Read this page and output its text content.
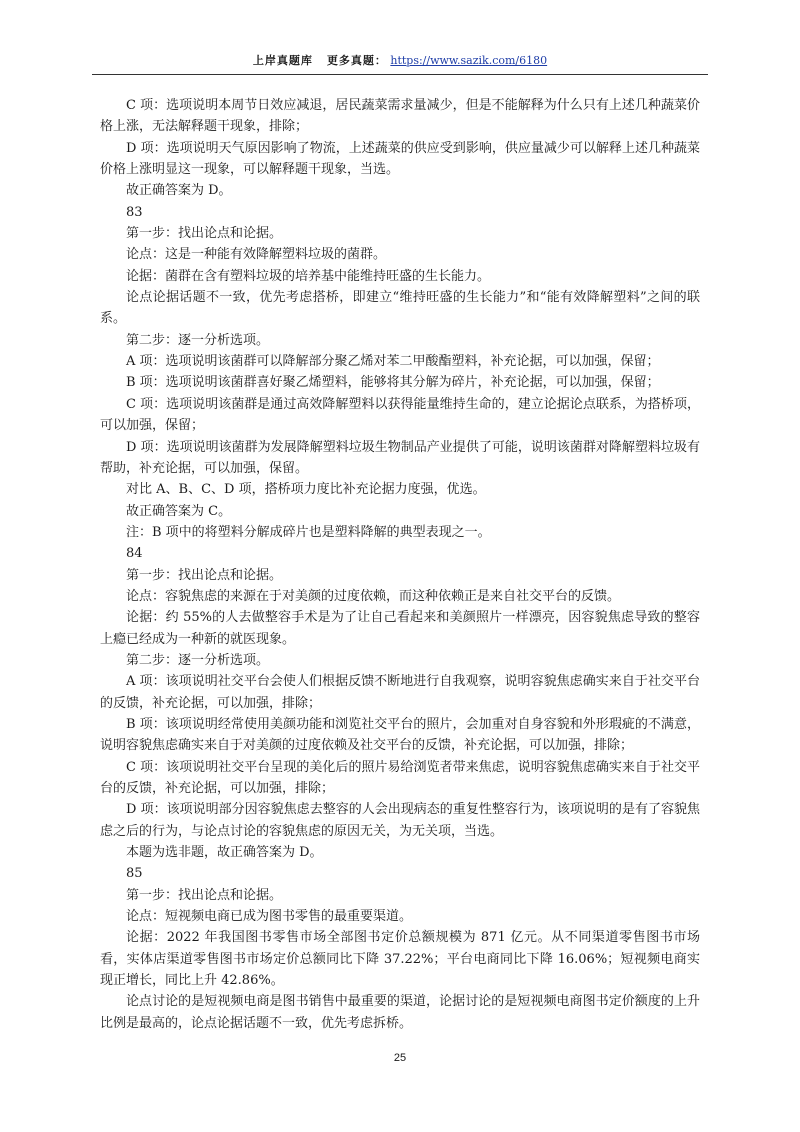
上岸真题库 更多真题： https://www.sazik.com/6180

C 项：选项说明本周节日效应减退，居民蔬菜需求量减少，但是不能解释为什么只有上述几种蔬菜价格上涨，无法解释题干现象，排除；

D 项：选项说明天气原因影响了物流，上述蔬菜的供应受到影响，供应量减少可以解释上述几种蔬菜价格上涨明显这一现象，可以解释题干现象，当选。

故正确答案为 D。

83

第一步：找出论点和论据。

论点：这是一种能有效降解塑料垃圾的菌群。

论据：菌群在含有塑料垃圾的培养基中能维持旺盛的生长能力。

论点论据话题不一致，优先考虑搭桥，即建立“维持旺盛的生长能力”和“能有效降解塑料”之间的联系。

第二步：逐一分析选项。

A 项：选项说明该菌群可以降解部分聚乙烯对苯二甲酸酯塑料，补充论据，可以加强，保留；

B 项：选项说明该菌群喜好聚乙烯塑料，能够将其分解为碎片，补充论据，可以加强，保留；

C 项：选项说明该菌群是通过高效降解塑料以获得能量维持生命的，建立论据论点联系，为搭桥项，可以加强，保留；

D 项：选项说明该菌群为发展降解塑料垃圾生物制品产业提供了可能，说明该菌群对降解塑料垃圾有帮助，补充论据，可以加强，保留。

对比 A、B、C、D 项，搭桥项力度比补充论据力度强，优选。

故正确答案为 C。

注：B 项中的将塑料分解成碎片也是塑料降解的典型表现之一。

84

第一步：找出论点和论据。

论点：容貌焦虑的来源在于对美颜的过度依赖，而这种依赖正是来自社交平台的反馈。

论据：约 55%的人去做整容手术是为了让自己看起来和美颜照片一样漂亮，因容貌焦虑导致的整容上瘾已经成为一种新的就医现象。

第二步：逐一分析选项。

A 项：该项说明社交平台会使人们根据反馈不断地进行自我观察，说明容貌焦虑确实来自于社交平台的反馈，补充论据，可以加强，排除；

B 项：该项说明经常使用美颜功能和浏览社交平台的照片，会加重对自身容貌和外形瑕疵的不满意，说明容貌焦虑确实来自于对美颜的过度依赖及社交平台的反馈，补充论据，可以加强，排除；

C 项：该项说明社交平台呈现的美化后的照片易给浏览者带来焦虑，说明容貌焦虑确实来自于社交平台的反馈，补充论据，可以加强，排除；

D 项：该项说明部分因容貌焦虑去整容的人会出现病态的重复性整容行为，该项说明的是有了容貌焦虑之后的行为，与论点讨论的容貌焦虑的原因无关，为无关项，当选。

本题为选非题，故正确答案为 D。

85

第一步：找出论点和论据。

论点：短视频电商已成为图书零售的最重要渠道。

论据：2022 年我国图书零售市场全部图书定价总额规模为 871 亿元。从不同渠道零售图书市场看，实体店渠道零售图书市场定价总额同比下降 37.22%；平台电商同比下降 16.06%；短视频电商实现正增长，同比上升 42.86%。

论点讨论的是短视频电商是图书销售中最重要的渠道，论据讨论的是短视频电商图书定价额度的上升比例是最高的，论点论据话题不一致，优先考虑拆桥。

25
